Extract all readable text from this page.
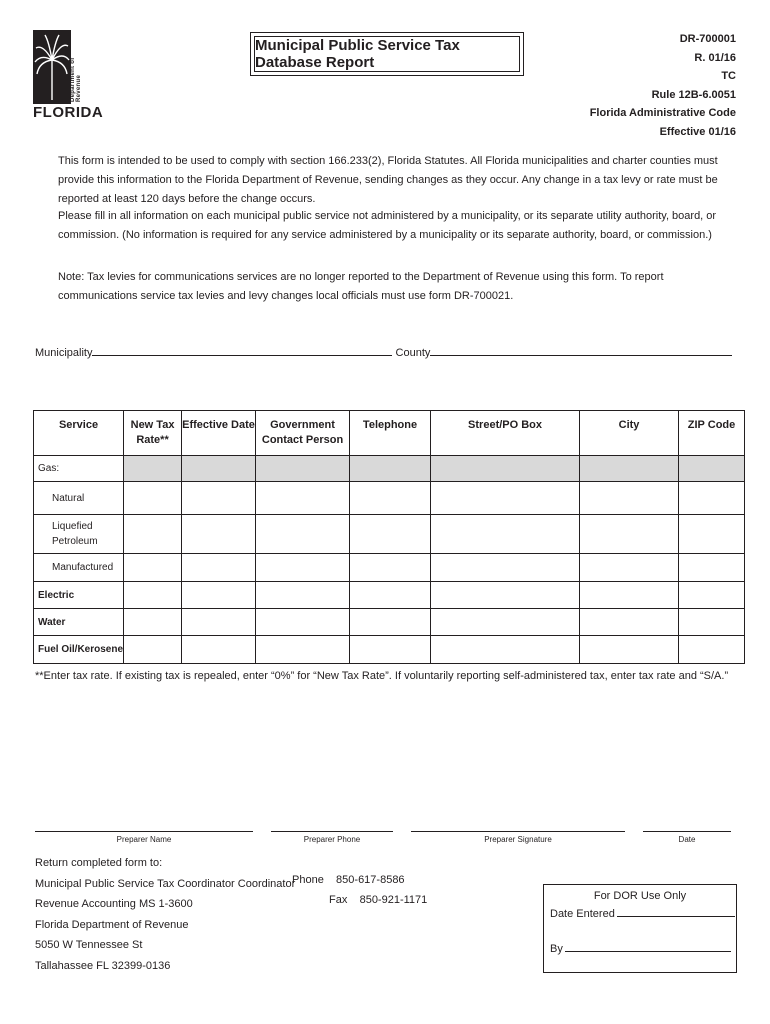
Department of Revenue
FLORIDA
Municipal Public Service Tax Database Report
DR-700001
R. 01/16
TC
Rule 12B-6.0051
Florida Administrative Code
Effective 01/16
This form is intended to be used to comply with section 166.233(2), Florida Statutes. All Florida municipalities and charter counties must provide this information to the Florida Department of Revenue, sending changes as they occur. Any change in a tax levy or rate must be reported at least 120 days before the change occurs.
Please fill in all information on each municipal public service not administered by a municipality, or its separate utility authority, board, or commission. (No information is required for any service administered by a municipality or its separate authority, board, or commission.)
Note: Tax levies for communications services are no longer reported to the Department of Revenue using this form. To report communications service tax levies and levy changes local officials must use form DR-700021.
Municipality	County
Service	New Tax Rate**	Effective Date	Government Contact Person	Telephone	Street/PO Box	City	ZIP Code
Gas:							
Natural							
Liquefied Petroleum							
Manufactured							
Electric							
Water							
Fuel Oil/Kerosene							
**Enter tax rate. If existing tax is repealed, enter “0%” for “New Tax Rate”. If voluntarily reporting self-administered tax, enter tax rate and “S/A.”
Preparer Name	Preparer Phone	Preparer Signature	Date
Return completed form to:
Municipal Public Service Tax Coordinator Coordinator
Revenue Accounting MS 1-3600
Florida Department of Revenue
5050 W Tennessee St
Tallahassee FL 32399-0136
Phone 850-617-8586
Fax 850-921-1171	For DOR Use Only
Date Entered
By
